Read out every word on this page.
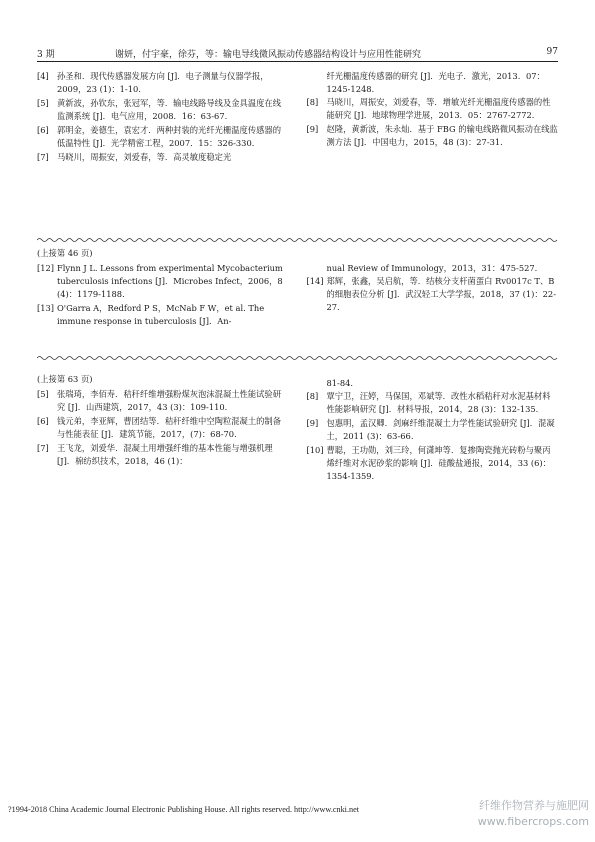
3 期	谢妍，付宇豪，徐芬，等：输电导线微风振动传感器结构设计与应用性能研究	97
[4] 孙圣和．现代传感器发展方向 [J]．电子测量与仪器学报，2009，23 (1)：1-10.
[5] 黄新波，孙钦东，张冠军，等．输电线路导线及金具温度在线监测系统 [J]．电气应用，2008．16：63-67.
[6] 郭明金，姜德生，袁宏才．两种封装的光纤光栅温度传感器的低温特性 [J]．光学精密工程，2007．15：326-330.
[7] 马晓川，周振安，刘爱春，等．高灵敏度稳定光
纤光栅温度传感器的研究 [J]．光电子．激光，2013．07：1245-1248.
[8] 马晓川，周振安，刘爱春，等．增敏光纤光栅温度传感器的性能研究 [J]．地球物理学进展，2013．05：2767-2772.
[9] 赵隆，黄新波，朱永灿．基于 FBG 的输电线路微风振动在线监测方法 [J]．中国电力，2015，48 (3)：27-31.
(上接第 46 页)
[12] Flynn J L. Lessons from experimental Mycobacterium tuberculosis infections [J]．Microbes Infect，2006，8 (4)：1179-1188.
[13] O'Garra A，Redford P S，McNab F W，et al. The immune response in tuberculosis [J]．An-
nual Review of Immunology，2013，31：475-527.
[14] 郑辉，张鑫，吴启航，等．结核分支杆菌蛋白 Rv0017c T、B 的细胞表位分析 [J]．武汉轻工大学学报，2018，37 (1)：22-27.
(上接第 63 页)
[5] 张瑞琦，李佰寿．秸秆纤维增强粉煤灰泡沫混凝土性能试验研究 [J]．山西建筑，2017，43 (3)：109-110.
[6] 钱元弟，李亚辉，曹团结等．秸秆纤维中空陶粒混凝土的制备与性能表征 [J]．建筑节能，2017，(7)：68-70.
[7] 王飞龙，刘爱华．混凝土用增强纤维的基本性能与增强机理 [J]．棉纺织技术，2018，46 (1)：
81-84.
[8] 覃宁卫，汪婷，马保国，邓斌等．改性水稻秸秆对水泥基材料性能影响研究 [J]．材料导报，2014，28 (3)：132-135.
[9] 包惠明，孟汉卿．剑麻纤维混凝土力学性能试验研究 [J]．混凝土，2011 (3)：63-66.
[10] 曹聪，王功勋，刘三玲，何潇坤等．复掺陶瓷抛光砖粉与聚丙烯纤维对水泥砂浆的影响 [J]．硅酸盐通报，2014，33 (6)：1354-1359.
?1994-2018 China Academic Journal Electronic Publishing House. All rights reserved. http://www.cnki.net	纤维作物营养与施肥网
www.fibercrops.com
